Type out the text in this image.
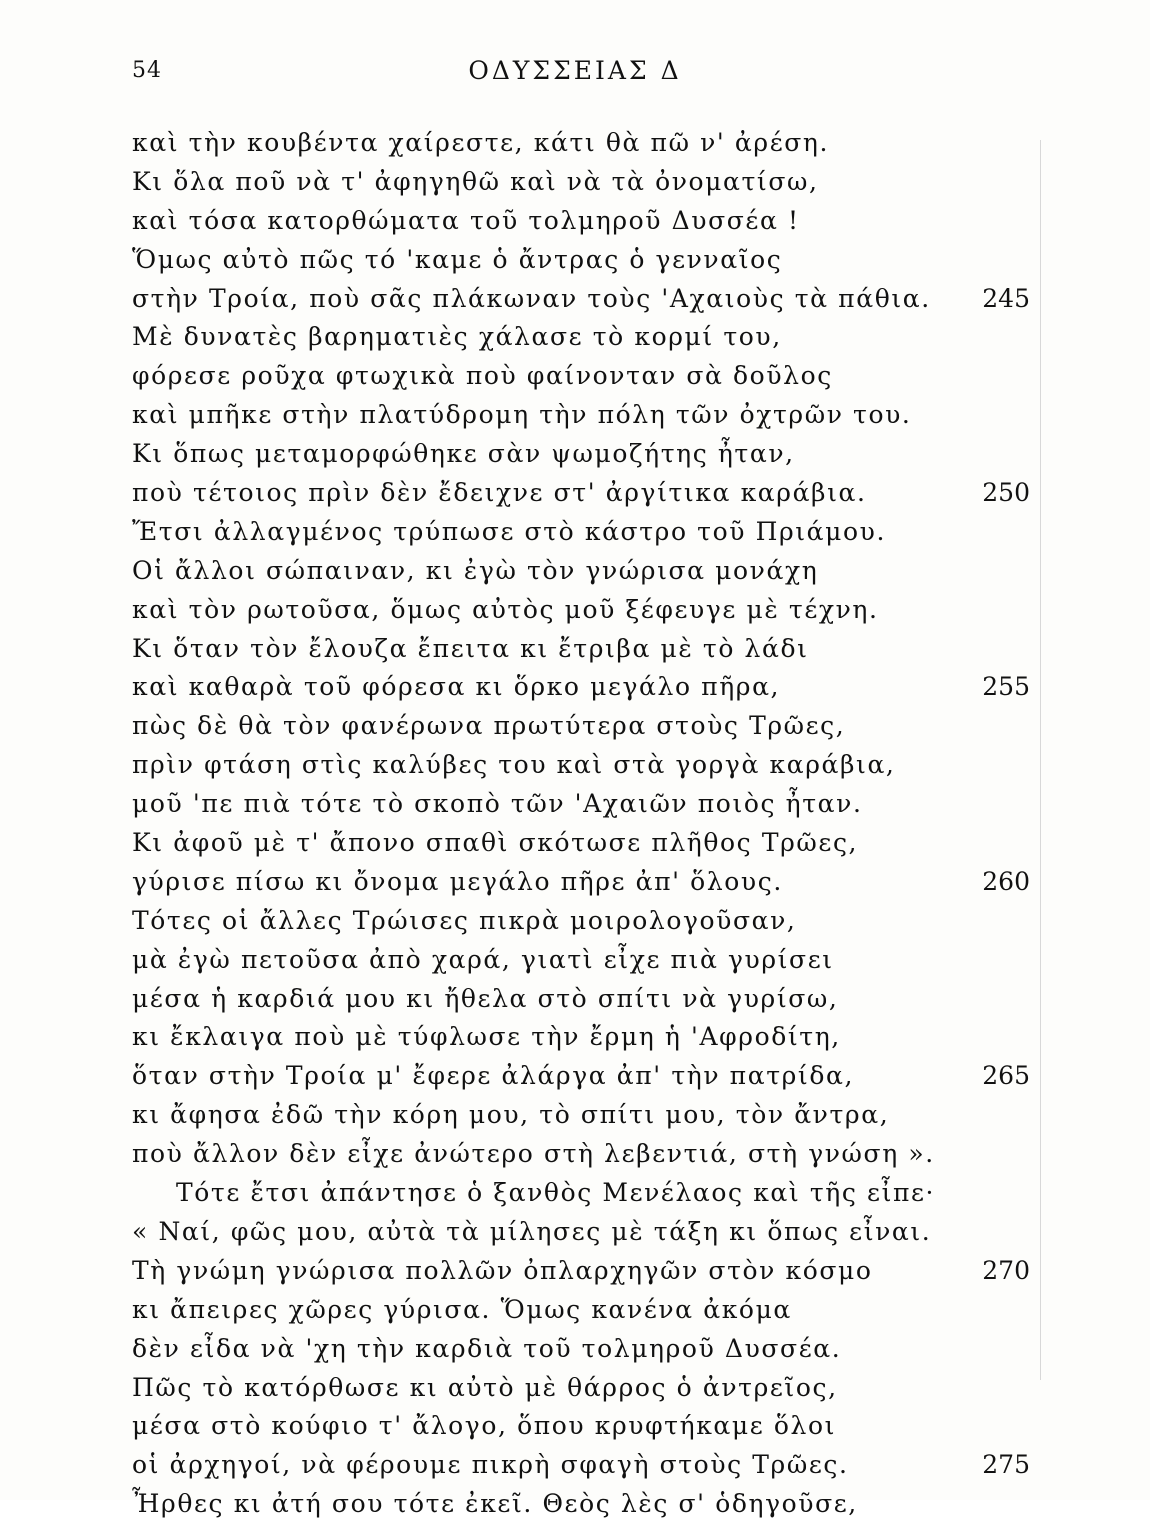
54	ΟΔΥΣΣΕΙΑΣ Δ
καὶ τὴν κουβέντα χαίρεστε, κάτι θὰ πῶ ν' ἀρέση.
Κι ὅλα ποῦ νὰ τ' ἀφηγηθῶ καὶ νὰ τὰ ὀνοματίσω,
καὶ τόσα κατορθώματα τοῦ τολμηροῦ Δυσσέα !
Ὅμως αὐτὸ πῶς τό 'καμε ὁ ἄντρας ὁ γενναῖος
στὴν Τροία, ποὺ σᾶς πλάκωναν τοὺς 'Αχαιοὺς τὰ πάθια. 245
Μὲ δυνατὲς βαρηματιὲς χάλασε τὸ κορμί του,
φόρεσε ροῦχα φτωχικὰ ποὺ φαίνονταν σὰ δοῦλος
καὶ μπῆκε στὴν πλατύδρομη τὴν πόλη τῶν ὀχτρῶν του.
Κι ὅπως μεταμορφώθηκε σὰν ψωμοζήτης ἦταν,
ποὺ τέτοιος πρὶν δὲν ἔδειχνε στ' ἀργίτικα καράβια.	250
Ἔτσι ἀλλαγμένος τρύπωσε στὸ κάστρο τοῦ Πριάμου.
Οἱ ἄλλοι σώπαιναν, κι ἐγὼ τὸν γνώρισα μονάχη
καὶ τὸν ρωτοῦσα, ὅμως αὐτὸς μοῦ ξέφευγε μὲ τέχνη.
Κι ὅταν τὸν ἔλουζα ἔπειτα κι ἔτριβα μὲ τὸ λάδι
καὶ καθαρὰ τοῦ φόρεσα κι ὅρκο μεγάλο πῆρα,	255
πὼς δὲ θὰ τὸν φανέρωνα πρωτύτερα στοὺς Τρῶες,
πρὶν φτάση στὶς καλύβες του καὶ στὰ γοργὰ καράβια,
μοῦ 'πε πιὰ τότε τὸ σκοπὸ τῶν 'Αχαιῶν ποιὸς ἦταν.
Κι ἀφοῦ μὲ τ' ἄπονο σπαθὶ σκότωσε πλῆθος Τρῶες,
γύρισε πίσω κι ὄνομα μεγάλο πῆρε ἀπ' ὅλους.	260
Τότες οἱ ἄλλες Τρώισες πικρὰ μοιρολογοῦσαν,
μὰ ἐγὼ πετοῦσα ἀπὸ χαρά, γιατὶ εἶχε πιὰ γυρίσει
μέσα ἡ καρδιά μου κι ἤθελα στὸ σπίτι νὰ γυρίσω,
κι ἔκλαιγα ποὺ μὲ τύφλωσε τὴν ἔρμη ἡ 'Αφροδίτη,
ὅταν στὴν Τροία μ' ἔφερε ἀλάργα ἀπ' τὴν πατρίδα,	265
κι ἄφησα ἐδῶ τὴν κόρη μου, τὸ σπίτι μου, τὸν ἄντρα,
ποὺ ἄλλον δὲν εἶχε ἀνώτερο στὴ λεβεντιά, στὴ γνώση ».
Τότε ἔτσι ἀπάντησε ὁ ξανθὸς Μενέλαος καὶ τῆς εἶπε·
« Ναί, φῶς μου, αὐτὰ τὰ μίλησες μὲ τάξη κι ὅπως εἶναι.
Τὴ γνώμη γνώρισα πολλῶν ὀπλαρχηγῶν στὸν κόσμο	270
κι ἄπειρες χῶρες γύρισα. Ὅμως κανένα ἀκόμα
δὲν εἶδα νὰ 'χη τὴν καρδιὰ τοῦ τολμηροῦ Δυσσέα.
Πῶς τὸ κατόρθωσε κι αὐτὸ μὲ θάρρος ὁ ἀντρεῖος,
μέσα στὸ κούφιο τ' ἄλογο, ὅπου κρυφτήκαμε ὅλοι
οἱ ἀρχηγοί, νὰ φέρουμε πικρὴ σφαγὴ στοὺς Τρῶες.	275
Ἦρθες κι ἀτή σου τότε ἐκεῖ. Θεὸς λὲς σ' ὁδηγοῦσε,
